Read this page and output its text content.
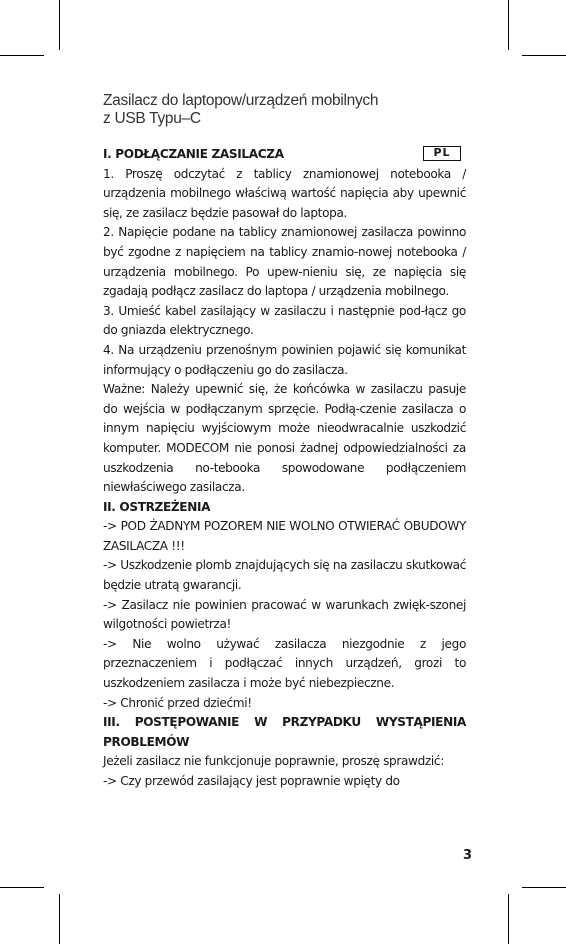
Zasilacz do laptopow/urządzeń mobilnych
z USB Typu–C
PL

I. PODŁĄCZANIE ZASILACZA

1. Proszę odczytać z tablicy znamionowej notebooka / urządzenia mobilnego właściwą wartość napięcia aby upewnić się, ze zasilacz będzie pasował do laptopa.

2. Napięcie podane na tablicy znamionowej zasilacza powinno być zgodne z napięciem na tablicy znamio-nowej notebooka / urządzenia mobilnego. Po upew-nieniu się, ze napięcia się zgadają podłącz zasilacz do laptopa / urządzenia mobilnego.

3. Umieść kabel zasilający w zasilaczu i następnie pod-łącz go do gniazda elektrycznego.

4. Na urządzeniu przenośnym powinien pojawić się komunikat informujący o podłączeniu go do zasilacza.

Ważne: Należy upewnić się, że końcówka w zasilaczu pasuje do wejścia w podłączanym sprzęcie. Podłą-czenie zasilacza o innym napięciu wyjściowym może nieodwracalnie uszkodzić komputer. MODECOM nie ponosi żadnej odpowiedzialności za uszkodzenia no-tebooka spowodowane podłączeniem niewłaściwego zasilacza.

II. OSTRZEŻENIA

-> POD ŻADNYM POZOREM NIE WOLNO OTWIERAĆ OBUDOWY ZASILACZA !!!

-> Uszkodzenie plomb znajdujących się na zasilaczu skutkować będzie utratą gwarancji.

-> Zasilacz nie powinien pracować w warunkach zwięk-szonej wilgotności powietrza!

-> Nie wolno używać zasilacza niezgodnie z jego przeznaczeniem i podłączać innych urządzeń, grozi to uszkodzeniem zasilacza i może być niebezpieczne.

-> Chronić przed dziećmi!

III. POSTĘPOWANIE W PRZYPADKU WYSTĄPIENIA PROBLEMÓW

Jeżeli zasilacz nie funkcjonuje poprawnie, proszę sprawdzić:

-> Czy przewód zasilający jest poprawnie wpięty do

3
